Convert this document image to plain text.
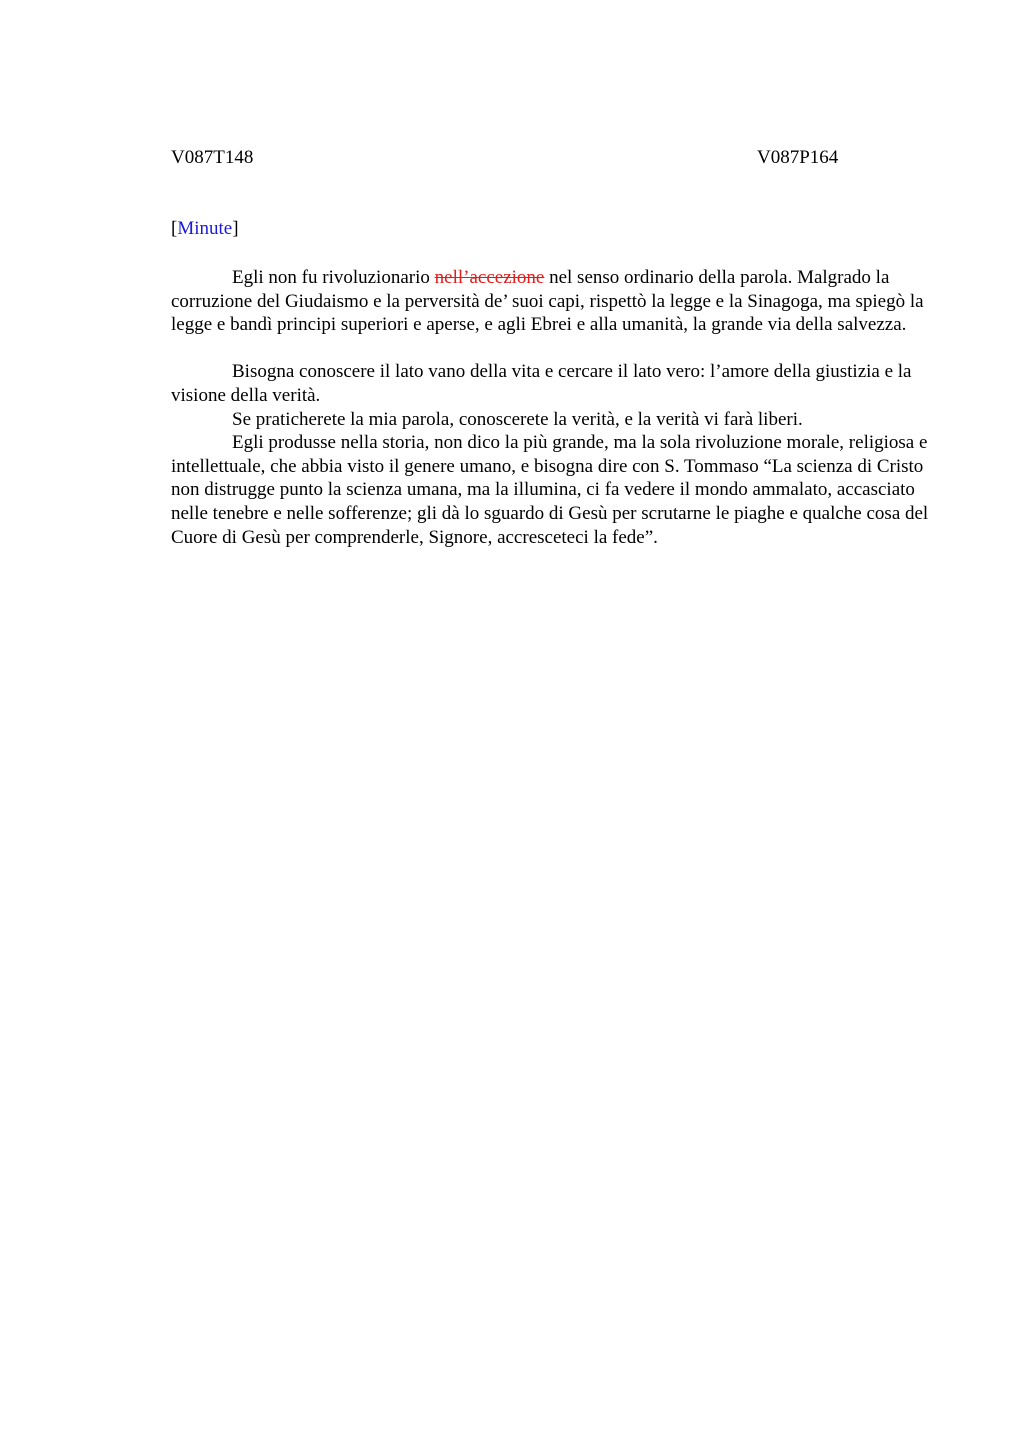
V087T148	V087P164
[Minute]

Egli non fu rivoluzionario nell’accezione nel senso ordinario della parola. Malgrado la corruzione del Giudaismo e la perversità de’ suoi capi, rispettò la legge e la Sinagoga, ma spiegò la legge e bandì principi superiori e aperse, e agli Ebrei e alla umanità, la grande via della salvezza.

Bisogna conoscere il lato vano della vita e cercare il lato vero: l’amore della giustizia e la visione della verità.

Se praticherete la mia parola, conoscerete la verità, e la verità vi farà liberi.

Egli produsse nella storia, non dico la più grande, ma la sola rivoluzione morale, religiosa e intellettuale, che abbia visto il genere umano, e bisogna dire con S. Tommaso “La scienza di Cristo non distrugge punto la scienza umana, ma la illumina, ci fa vedere il mondo ammalato, accasciato nelle tenebre e nelle sofferenze; gli dà lo sguardo di Gesù per scrutarne le piaghe e qualche cosa del Cuore di Gesù per comprenderle, Signore, accresceteci la fede”.
